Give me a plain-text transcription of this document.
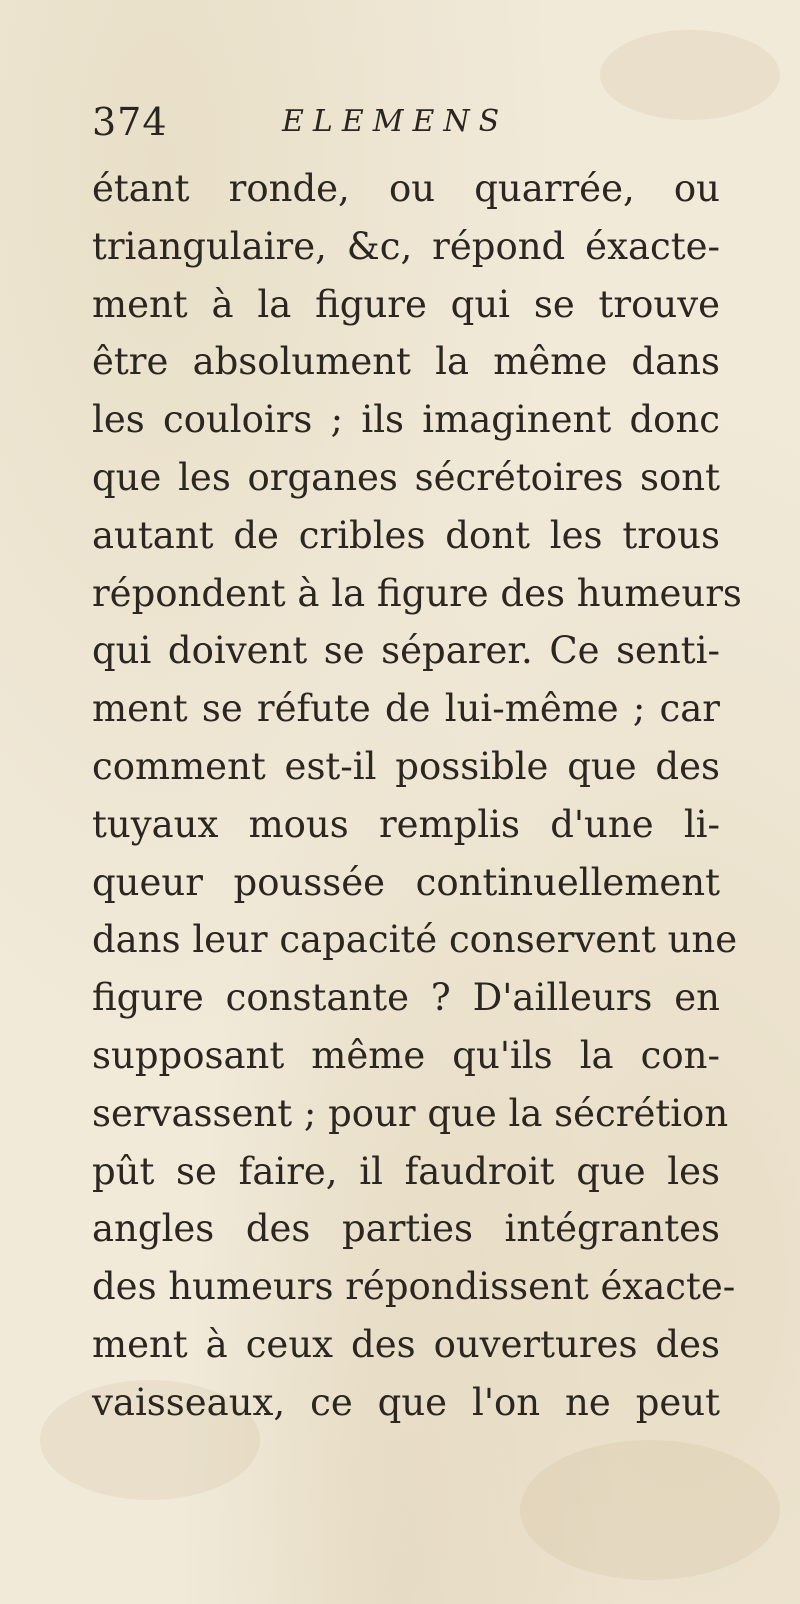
374	ELEMENS
étant ronde, ou quarrée, ou
triangulaire, &c, répond éxacte-
ment à la figure qui se trouve
être absolument la même dans
les couloirs ; ils imaginent donc
que les organes sécrétoires sont
autant de cribles dont les trous
répondent à la figure des humeurs
qui doivent se séparer. Ce senti-
ment se réfute de lui-même ; car
comment est-il possible que des
tuyaux mous remplis d'une li-
queur poussée continuellement
dans leur capacité conservent une
figure constante ? D'ailleurs en
supposant même qu'ils la con-
servassent ; pour que la sécrétion
pût se faire, il faudroit que les
angles des parties intégrantes
des humeurs répondissent éxacte-
ment à ceux des ouvertures des
vaisseaux, ce que l'on ne peut
